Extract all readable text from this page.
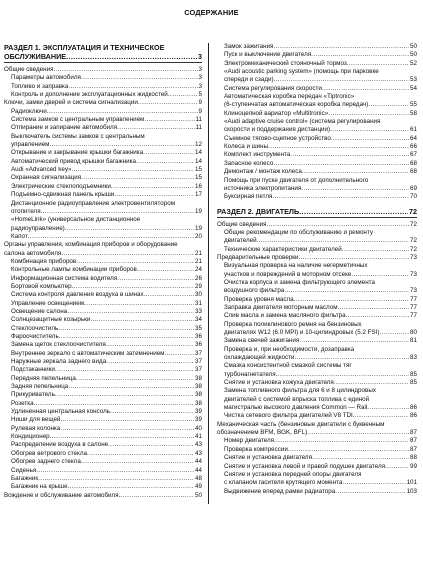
СОДЕРЖАНИЕ
РАЗДЕЛ 1. ЭКСПЛУАТАЦИЯ И ТЕХНИЧЕСКОЕ
ОБСЛУЖИВАНИЕ .....	3
Общие сведения .....	3
Параметры автомобиля .....	3
Топливо и заправка .....	3
Контроль и дополнение эксплуатационных жидкостей .....	5
Ключи, замки дверей и система сигнализации .....	9
Радиоключи .....	9
Система замков с центральным управлением .....	11
Отпирание и запирание автомобиля .....	11
Выключатель системы замков с центральным
управлением .....	12
Открывание и закрывание крышки багажника .....	14
Автоматический привод крышки багажника .....	14
Audi «Advanced key» .....	15
Охранная сигнализация .....	15
Электрические стеклоподъемники .....	16
Подъемно-сдвижная панель крыши .....	17
Дистанционное радиоуправление электровентилятором
отопителя .....	19
«HomeLink» (универсальное дистанционное
радиоуправление) .....	19
Капот .....	20
Органы управления, комбинация приборов и оборудование
салона автомобиля .....	21
Комбинация приборов .....	21
Контрольные лампы комбинации приборов .....	24
Информационная система водителя .....	26
Бортовой компьютер .....	29
Система контроля давления воздуха в шинах .....	30
Управление освещением .....	31
Освещение салона .....	33
Солнцезащитные козырьки .....	34
Стеклоочистиль .....	35
Фароочиститель .....	36
Замена щеток стеклоочистителя .....	36
Внутреннее зеркало с автоматическим затемнением .....	37
Наружные зеркала заднего вида .....	37
Подстаканники .....	37
Передняя пепельница .....	38
Задняя пепельница .....	38
Прикуриватель .....	38
Розетка .....	38
Удлиненная центральная консоль .....	39
Ниши для вещей .....	39
Рулевая колонка .....	40
Кондиционер .....	41
Распределение воздуха в салоне .....	43
Обогрев ветрового стекла .....	43
Обогрев заднего стекла .....	44
Сиденья .....	44
Багажник .....	48
Багажник на крыше .....	49
Вождение и обслуживание автомобиля .....	50
Замок зажигания .....	50
Пуск и выключение двигателя .....	50
Электромеханический стояночный тормоз .....	52
«Audi acoustic parking system» (помощь при парковке
спереди и сзади) .....	53
Система регулирования скорости .....	54
Автоматическая коробка передач «Tiptronic»
(6-ступенчатая автоматическая коробка передач) .....	55
Клиноцепной вариатор «Multitronic» .....	58
«Audi adaptive cruise control» (система регулирования
скорости и поддержания дистанции) .....	61
Съемное тягово-сцепное устройство .....	64
Колеса и шины .....	66
Комплект инструмента .....	67
Запасное колесо .....	68
Демонтаж / монтаж колеса .....	68
Помощь при пуске двигателя от дополнительного
источника электропитания .....	69
Буксирная петля .....	70
РАЗДЕЛ 2. ДВИГАТЕЛЬ .....	72
Общие сведения .....	72
Общие рекомендации по обслуживанию и ремонту
двигателей .....	72
Технические характеристики двигателей .....	72
Предварительные проверки .....	73
Визуальная проверка на наличие негерметичных
участков и повреждений в моторном отсеке .....	73
Очистка корпуса и замена фильтрующего элемента
воздушного фильтра .....	73
Проверка уровня масла .....	77
Заправка двигателя моторным маслом .....	77
Слив масла и замена масляного фильтра .....	77
Проверка поликлинового ремня на бензиновых
двигателях W12 (6.0 MPI) и 10-цилиндровых (5.2 FSI) .....	80
Замена свечей зажигания .....	81
Проверка и, при необходимости, дозаправка
охлаждающей жидкости .....	83
Смазка консистентной смазкой системы тяг
турбонагнетателя .....	85
Снятие и установка кожуха двигателя .....	85
Замена топливного фильтра для 6 и 8 цилиндровых
двигателей с системой впрыска топлива с единой
магистралью высокого давления Common — Rail .....	86
Чистка сетевого фильтра двигателей V8 TDI .....	86
Механическая часть (бензиновые двигатели с буквенным
обозначением BFM, BGK, BFL) .....	87
Номер двигателя .....	87
Проверка компрессии .....	87
Снятие и установка двигателя .....	88
Снятие и установка левой и правой подушек двигателя .....	99
Снятие и установка передней опоры двигателя
с клапаном гасителя крутящего момента .....	101
Выдвижение вперед рамки радиатора .....	103
